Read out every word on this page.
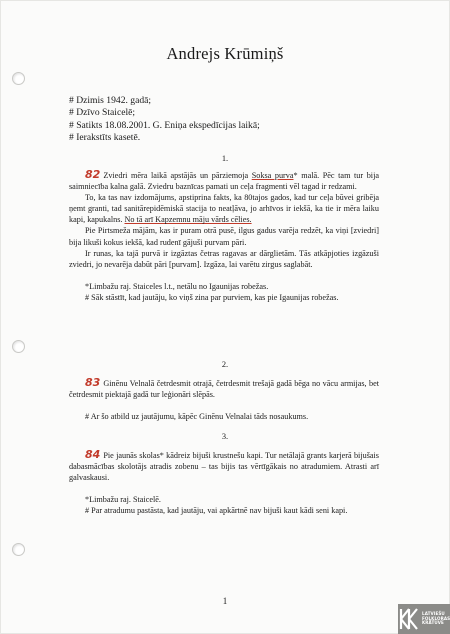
Andrejs Krūmiņš
# Dzimis 1942. gadā;
# Dzīvo Staicelē;
# Satikts 18.08.2001. G. Eniņa ekspedīcijas laikā;
# Ierakstīts kasetē.
1.

82 Zviedri mēra laikā apstājās un pārziemoja Soksa purva* malā. Pēc tam tur bija saimniecība kalna galā. Zviedru baznīcas pamati un ceļa fragmenti vēl tagad ir redzami.

To, ka tas nav izdomājums, apstiprina fakts, ka 80tajos gados, kad tur ceļa būvei gribēja ņemt granti, tad sanitārepidēmiskā stacija to neatļāva, jo arhīvos ir iekšā, ka tie ir mēra laiku kapi, kapukalns. No tā arī Kapzemnu māju vārds cēlies.

Pie Pirtsmeža mājām, kas ir puram otrā pusē, ilgus gadus varēja redzēt, ka viņi [zviedri] bija likuši kokus iekšā, kad rudenī gājuši purvam pāri.

Ir runas, ka tajā purvā ir izgāztas četras ragavas ar dārglietām. Tās atkāpjoties izgāzuši zviedri, jo nevarēja dabūt pāri [purvam]. Izgāza, lai varētu zirgus saglabāt.

*Limbažu raj. Staiceles l.t., netālu no Igaunijas robežas.

# Sāk stāstīt, kad jautāju, ko viņš zina par purviem, kas pie Igaunijas robežas.

2.

83 Ginēnu Velnalā četrdesmit otrajā, četrdesmit trešajā gadā bēga no vācu armijas, bet četrdesmit piektajā gadā tur leģionāri slēpās.

# Ar šo atbild uz jautājumu, kāpēc Ginēnu Velnalai tāds nosaukums.

3.

84 Pie jaunās skolas* kādreiz bijuši krustnešu kapi. Tur netālajā grants karjerā bijušais dabasmācības skolotājs atradis zobenu – tas bijis tas vērtīgākais no atradumiem. Atrasti arī galvaskausi.

*Limbažu raj. Staicelē.

# Par atradumu pastāsta, kad jautāju, vai apkārtnē nav bijuši kaut kādi seni kapi.

1
LATVIEŠU
FOLKLORAS
KRĀTUVE
